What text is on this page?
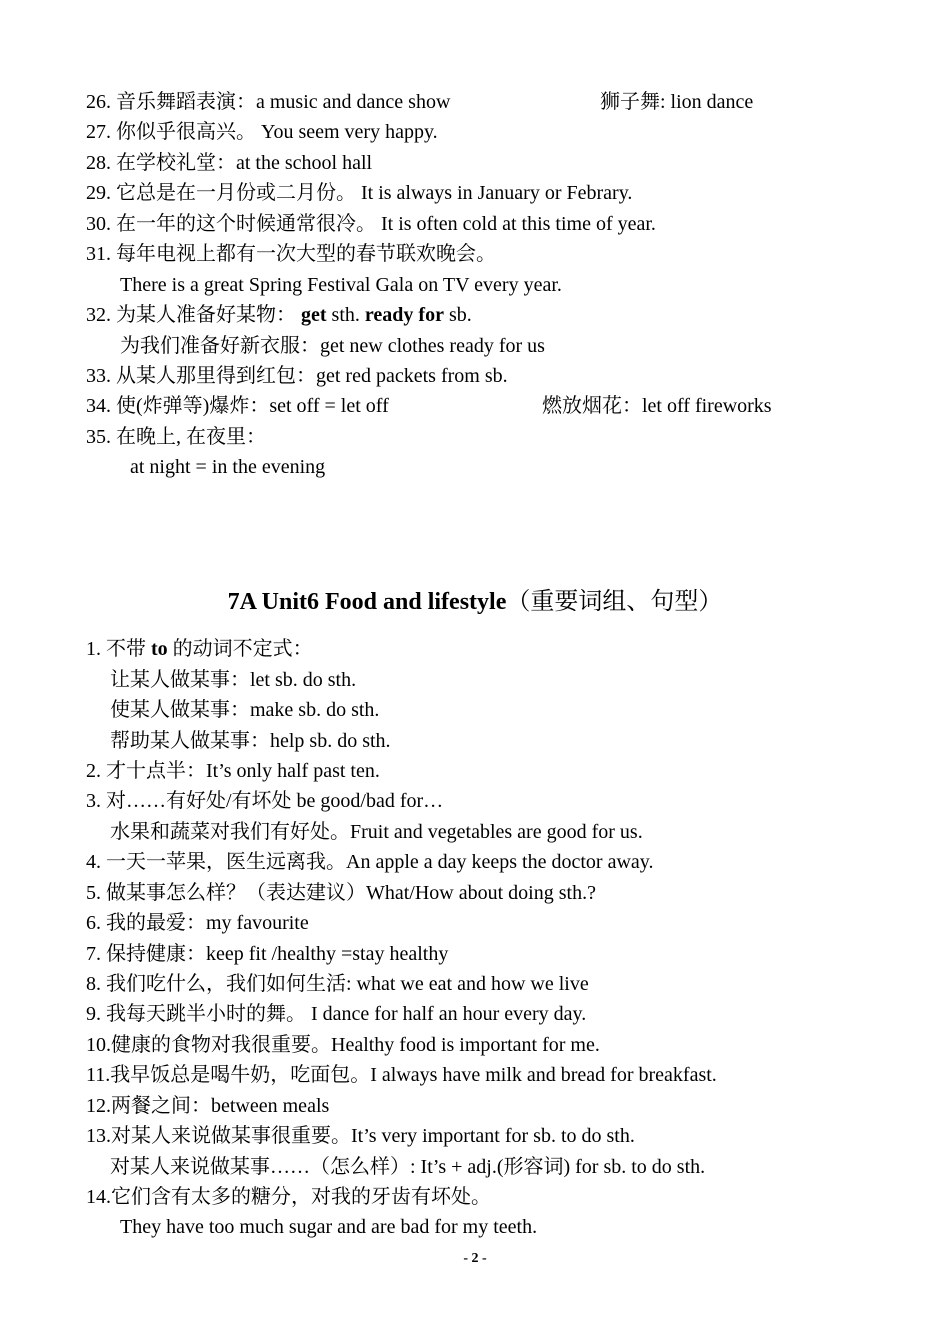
26. 音乐舞蹈表演：a music and dance show	狮子舞: lion dance
27. 你似乎很高兴。 You seem very happy.
28. 在学校礼堂：at the school hall
29. 它总是在一月份或二月份。 It is always in January or Febrary.
30. 在一年的这个时候通常很冷。 It is often cold at this time of year.
31. 每年电视上都有一次大型的春节联欢晚会。
There is a great Spring Festival Gala on TV every year.
32. 为某人准备好某物： get sth. ready for sb.
为我们准备好新衣服：get new clothes ready for us
33. 从某人那里得到红包：get red packets from sb.
34. 使(炸弹等)爆炸：set off = let off	燃放烟花：let off fireworks
35. 在晚上, 在夜里：
at night = in the evening
7A Unit6 Food and lifestyle（重要词组、句型）
1. 不带 to 的动词不定式：
让某人做某事：let sb. do sth.
使某人做某事：make sb. do sth.
帮助某人做某事：help sb. do sth.
2. 才十点半：It’s only half past ten.
3. 对……有好处/有坏处 be good/bad for…
水果和蔬菜对我们有好处。Fruit and vegetables are good for us.
4. 一天一苹果，医生远离我。An apple a day keeps the doctor away.
5. 做某事怎么样？（表达建议）What/How about doing sth.?
6. 我的最爱：my favourite
7. 保持健康：keep fit /healthy =stay healthy
8. 我们吃什么，我们如何生活: what we eat and how we live
9. 我每天跳半小时的舞。 I dance for half an hour every day.
10.健康的食物对我很重要。Healthy food is important for me.
11.我早饭总是喝牛奶，吃面包。I always have milk and bread for breakfast.
12.两餐之间：between meals
13.对某人来说做某事很重要。It’s very important for sb. to do sth.
对某人来说做某事……（怎么样）: It’s + adj.(形容词) for sb. to do sth.
14.它们含有太多的糖分，对我的牙齿有坏处。
They have too much sugar and are bad for my teeth.
- 2 -
